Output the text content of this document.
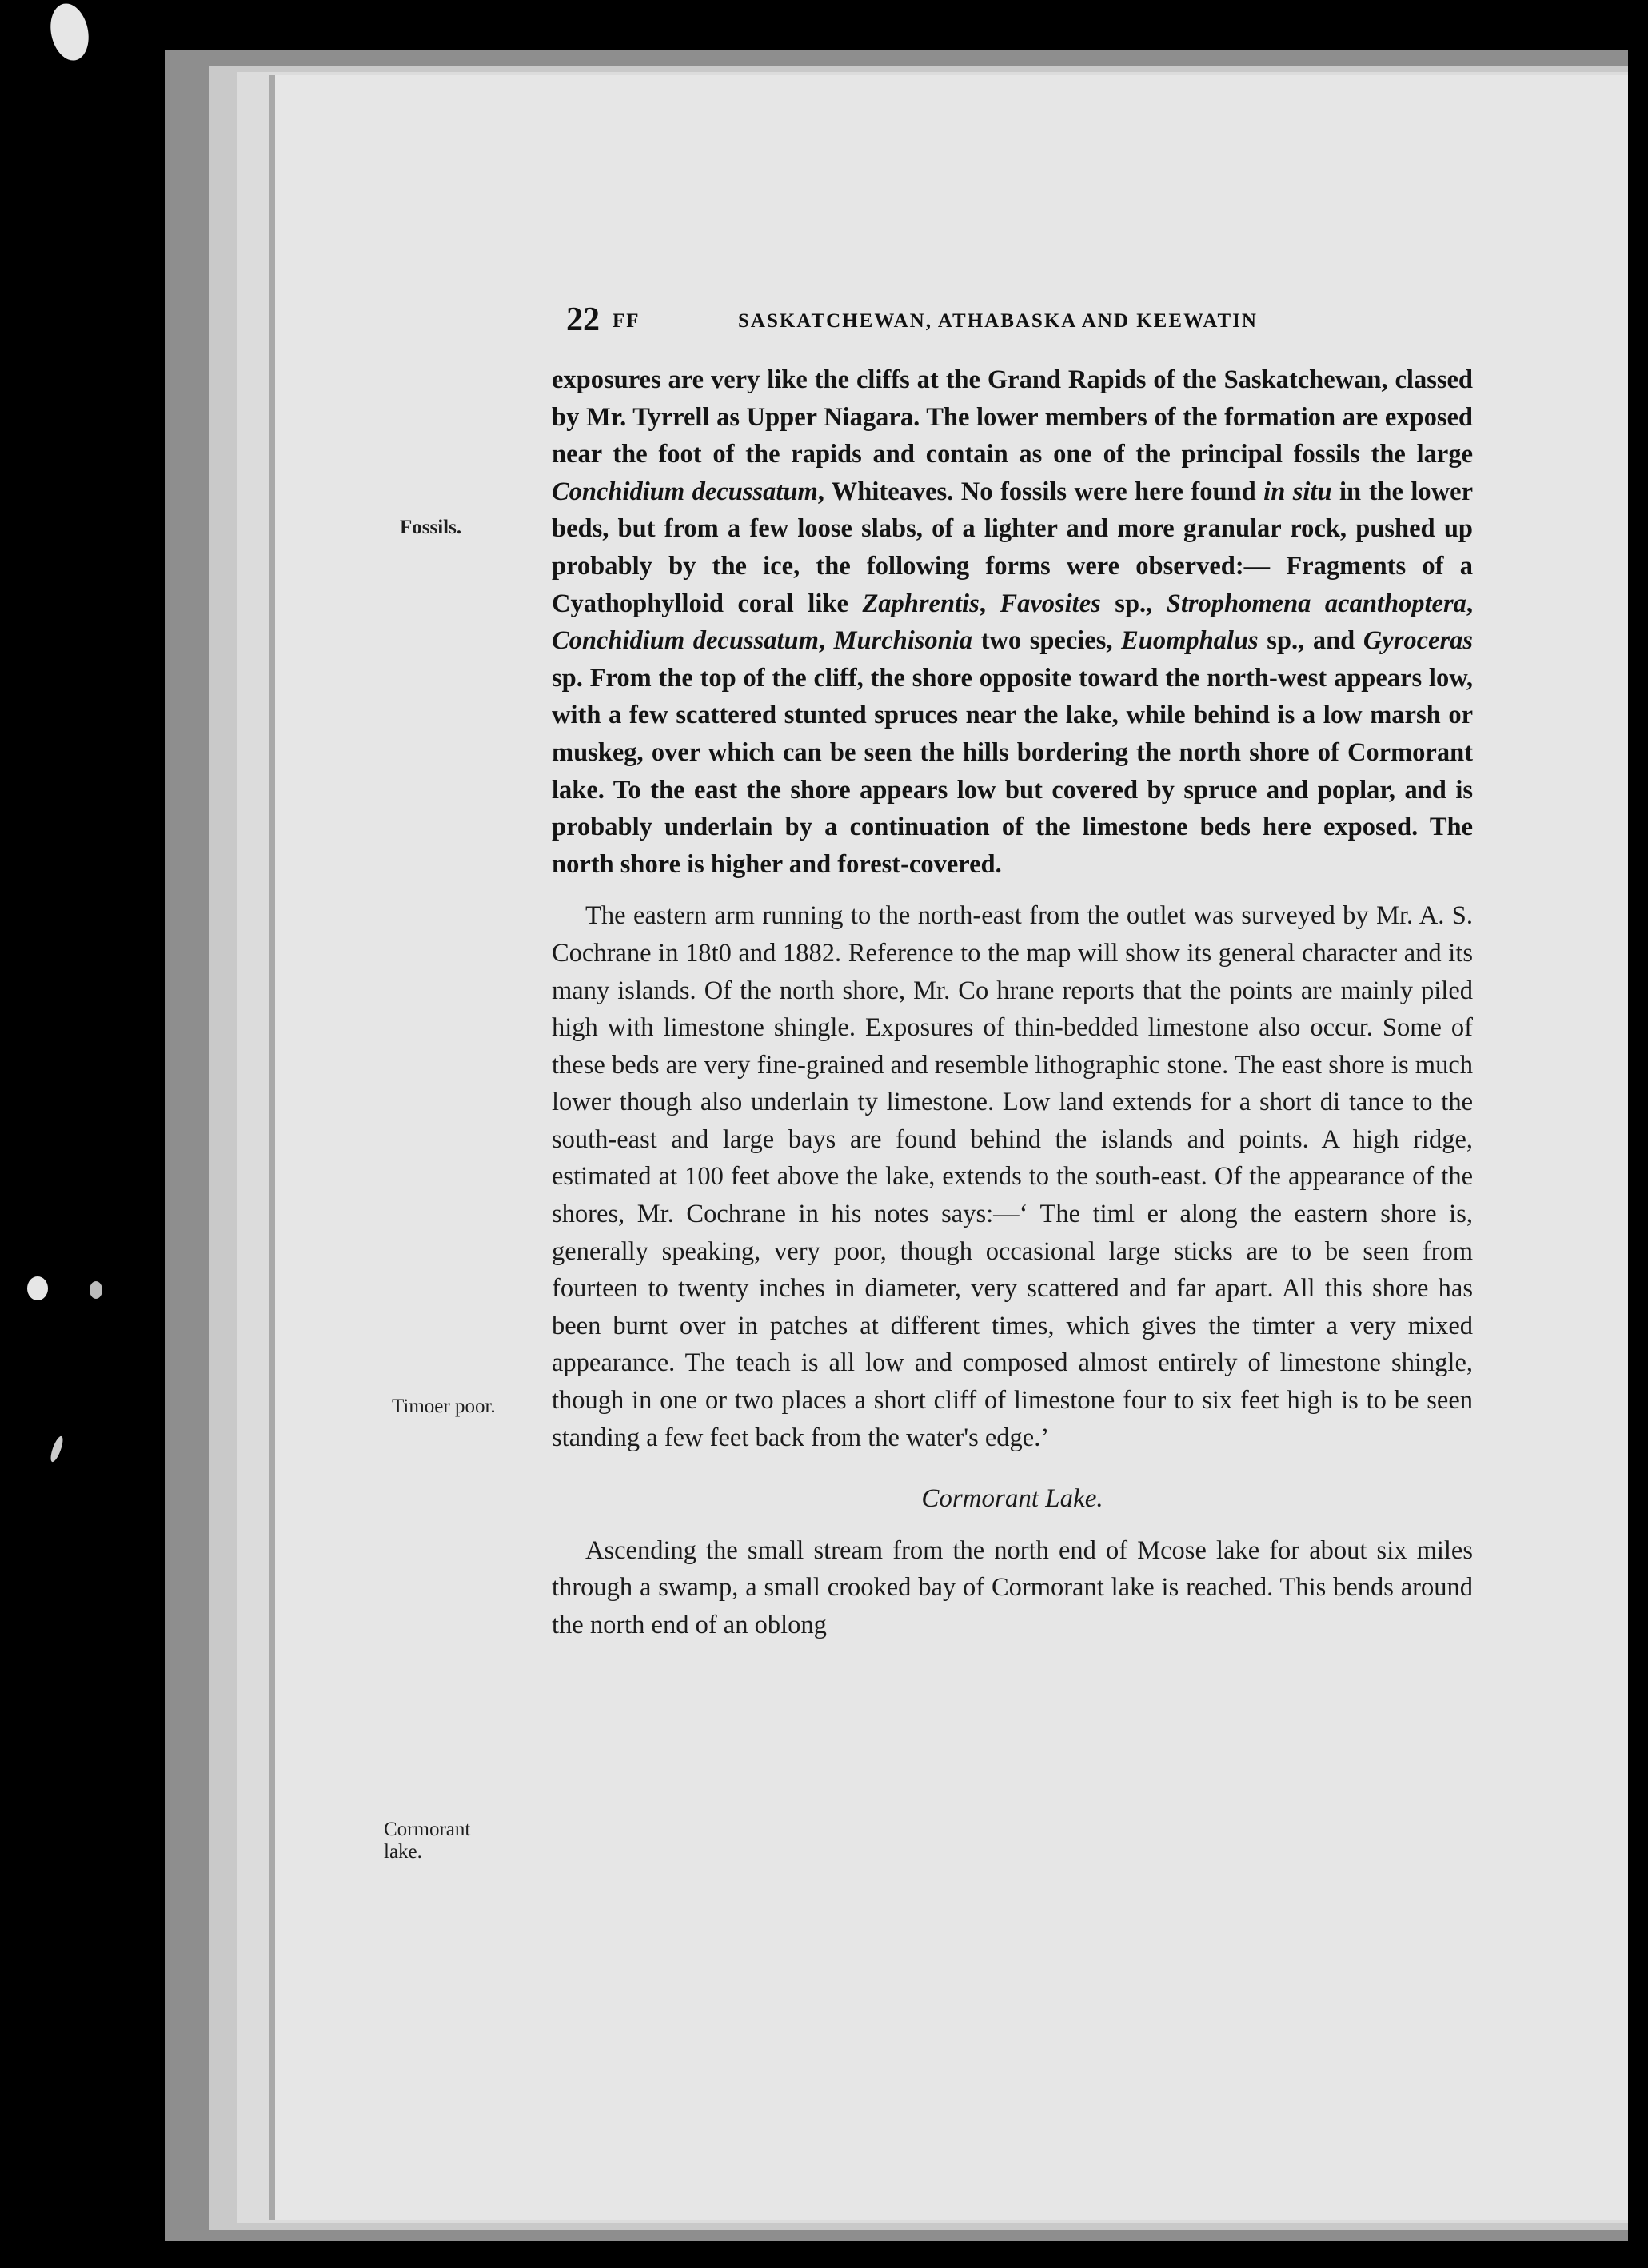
22 FF	SASKATCHEWAN, ATHABASKA AND KEEWATIN
Fossils.
Timoer poor.
Cormorant
lake.

exposures are very like the cliffs at the Grand Rapids of the Saskatchewan, classed by Mr. Tyrrell as Upper Niagara. The lower members of the formation are exposed near the foot of the rapids and contain as one of the principal fossils the large Conchidium decussatum, Whiteaves. No fossils were here found in situ in the lower beds, but from a few loose slabs, of a lighter and more granular rock, pushed up probably by the ice, the following forms were observed:— Fragments of a Cyathophylloid coral like Zaphrentis, Favosites sp., Strophomena acanthoptera, Conchidium decussatum, Murchisonia two species, Euomphalus sp., and Gyroceras sp. From the top of the cliff, the shore opposite toward the north-west appears low, with a few scattered stunted spruces near the lake, while behind is a low marsh or muskeg, over which can be seen the hills bordering the north shore of Cormorant lake. To the east the shore appears low but covered by spruce and poplar, and is probably underlain by a continuation of the limestone beds here exposed. The north shore is higher and forest-covered.

The eastern arm running to the north-east from the outlet was surveyed by Mr. A. S. Cochrane in 18t0 and 1882. Reference to the map will show its general character and its many islands. Of the north shore, Mr. Co hrane reports that the points are mainly piled high with limestone shingle. Exposures of thin-bedded limestone also occur. Some of these beds are very fine-grained and resemble lithographic stone. The east shore is much lower though also underlain ty limestone. Low land extends for a short di tance to the south-east and large bays are found behind the islands and points. A high ridge, estimated at 100 feet above the lake, extends to the south-east. Of the appearance of the shores, Mr. Cochrane in his notes says:—‘ The timl er along the eastern shore is, generally speaking, very poor, though occasional large sticks are to be seen from fourteen to twenty inches in diameter, very scattered and far apart. All this shore has been burnt over in patches at different times, which gives the timter a very mixed appearance. The teach is all low and composed almost entirely of limestone shingle, though in one or two places a short cliff of limestone four to six feet high is to be seen standing a few feet back from the water's edge.’

Cormorant Lake.

Ascending the small stream from the north end of Mcose lake for about six miles through a swamp, a small crooked bay of Cormorant lake is reached. This bends around the north end of an oblong
